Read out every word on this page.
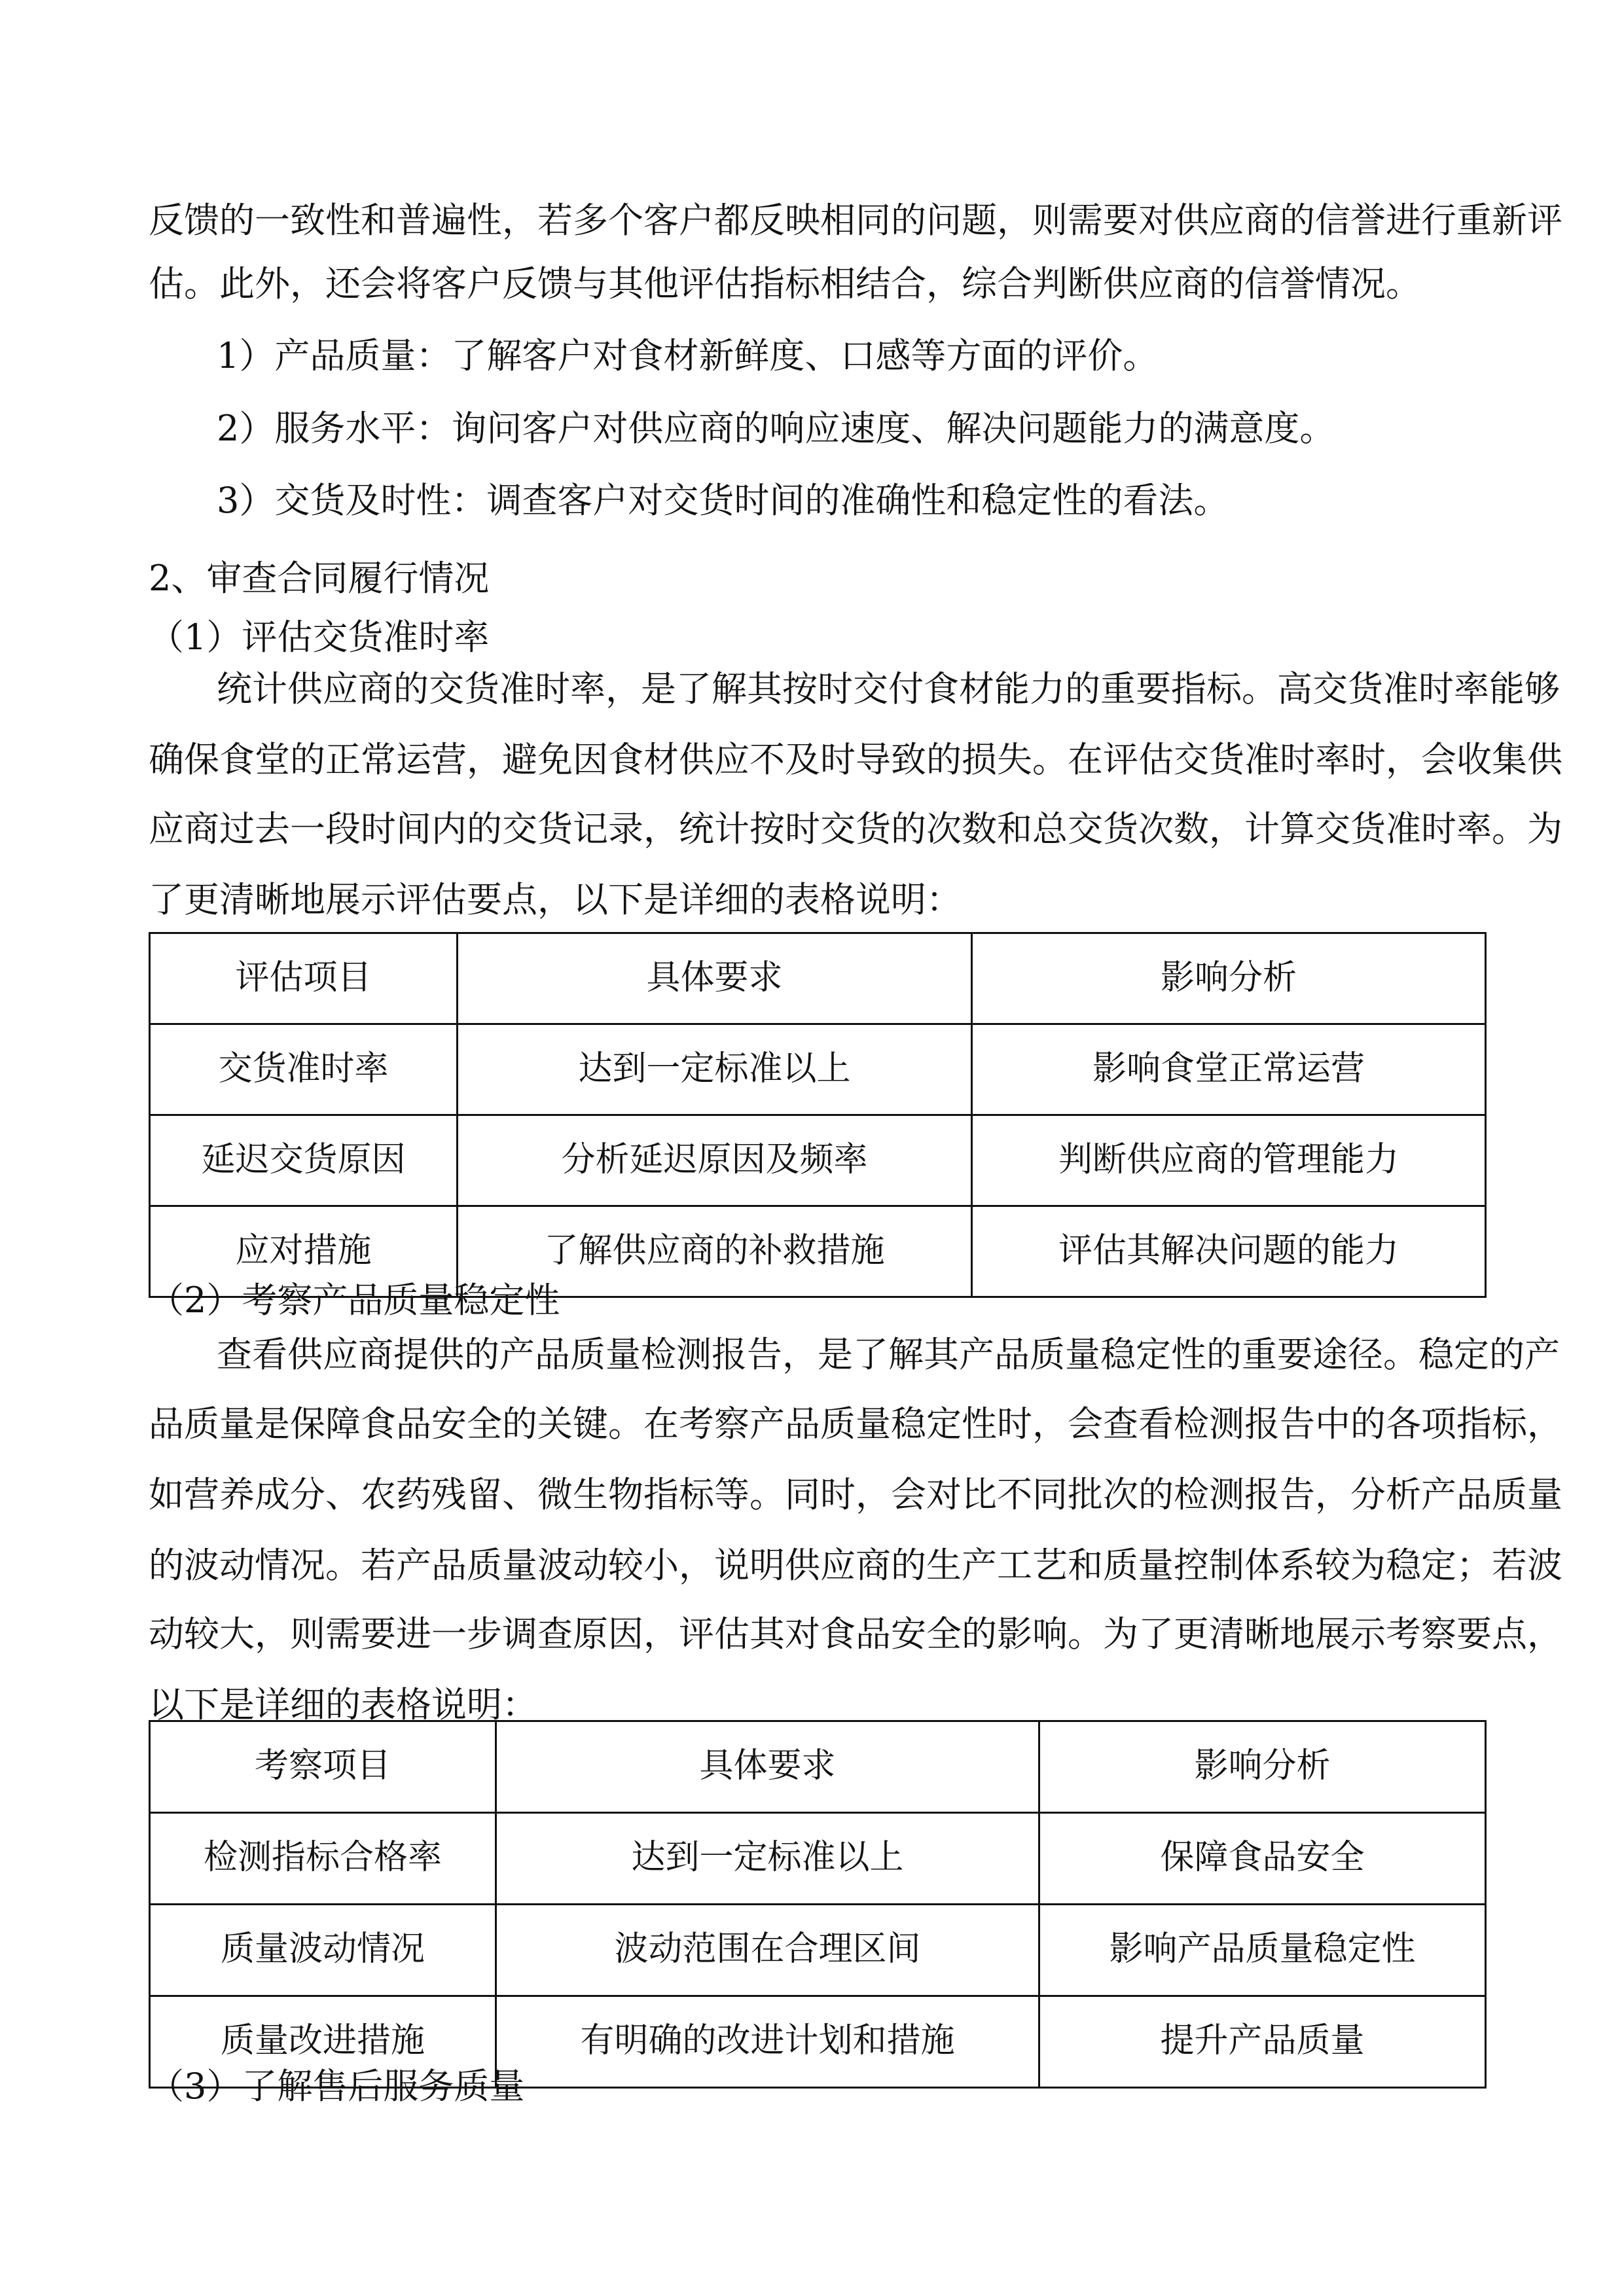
反馈的一致性和普遍性，若多个客户都反映相同的问题，则需要对供应商的信誉进行重新评
估。此外，还会将客户反馈与其他评估指标相结合，综合判断供应商的信誉情况。
1）产品质量：了解客户对食材新鲜度、口感等方面的评价。
2）服务水平：询问客户对供应商的响应速度、解决问题能力的满意度。
3）交货及时性：调查客户对交货时间的准确性和稳定性的看法。
2、审查合同履行情况
（1）评估交货准时率
统计供应商的交货准时率，是了解其按时交付食材能力的重要指标。高交货准时率能够
确保食堂的正常运营，避免因食材供应不及时导致的损失。在评估交货准时率时，会收集供
应商过去一段时间内的交货记录，统计按时交货的次数和总交货次数，计算交货准时率。为
了更清晰地展示评估要点，以下是详细的表格说明：
评估项目	具体要求	影响分析
交货准时率	达到一定标准以上	影响食堂正常运营
延迟交货原因	分析延迟原因及频率	判断供应商的管理能力
应对措施	了解供应商的补救措施	评估其解决问题的能力
（2）考察产品质量稳定性
查看供应商提供的产品质量检测报告，是了解其产品质量稳定性的重要途径。稳定的产
品质量是保障食品安全的关键。在考察产品质量稳定性时，会查看检测报告中的各项指标，
如营养成分、农药残留、微生物指标等。同时，会对比不同批次的检测报告，分析产品质量
的波动情况。若产品质量波动较小，说明供应商的生产工艺和质量控制体系较为稳定；若波
动较大，则需要进一步调查原因，评估其对食品安全的影响。为了更清晰地展示考察要点，
以下是详细的表格说明：
考察项目	具体要求	影响分析
检测指标合格率	达到一定标准以上	保障食品安全
质量波动情况	波动范围在合理区间	影响产品质量稳定性
质量改进措施	有明确的改进计划和措施	提升产品质量
（3）了解售后服务质量
